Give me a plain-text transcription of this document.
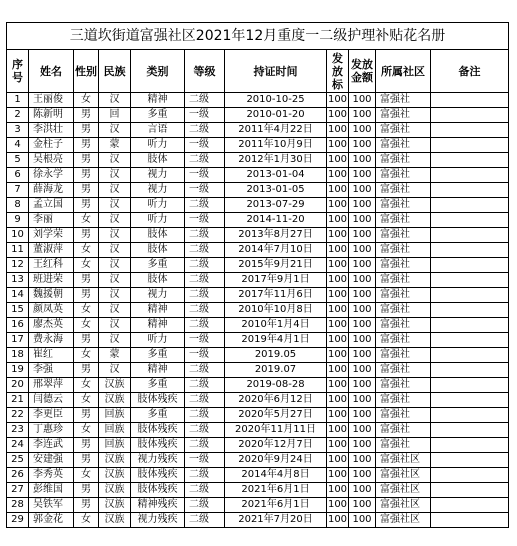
三道坎街道富强社区2021年12月重度一二级护理补贴花名册										
序号	姓名	性别	民族	类别	等级	持证时间	发放标	发放金额	所属社区	备注
1	王丽俊	女	汉	精神	二级	2010-10-25	100	100	富强社	
2	陈新明	男	回	多重	一级	2010-01-20	100	100	富强社	
3	李洪壮	男	汉	言语	二级	2011年4月22日	100	100	富强社	
4	金柱子	男	蒙	听力	一级	2011年10月9日	100	100	富强社	
5	吴根亮	男	汉	肢体	二级	2012年1月30日	100	100	富强社	
6	徐永学	男	汉	视力	一级	2013-01-04	100	100	富强社	
7	薛海龙	男	汉	视力	一级	2013-01-05	100	100	富强社	
8	孟立国	男	汉	听力	二级	2013-07-29	100	100	富强社	
9	李丽	女	汉	听力	一级	2014-11-20	100	100	富强社	
10	刘学荣	男	汉	肢体	二级	2013年8月27日	100	100	富强社	
11	董淑萍	女	汉	肢体	二级	2014年7月10日	100	100	富强社	
12	王红科	女	汉	多重	二级	2015年9月21日	100	100	富强社	
13	班进荣	男	汉	肢体	二级	2017年9月1日	100	100	富强社	
14	魏援朝	男	汉	视力	二级	2017年11月6日	100	100	富强社	
15	颜凤英	女	汉	精神	二级	2010年10月8日	100	100	富强社	
16	廖杰英	女	汉	精神	二级	2010年1月4日	100	100	富强社	
17	费永海	男	汉	听力	一级	2019年4月1日	100	100	富强社	
18	崔红	女	蒙	多重	一级	2019.05	100	100	富强社	
19	李强	男	汉	精神	二级	2019.07	100	100	富强社	
20	邢翠萍	女	汉族	多重	二级	2019-08-28	100	100	富强社	
21	闫德云	女	汉族	肢体残疾	二级	2020年6月12日	100	100	富强社	
22	李更臣	男	回族	多重	二级	2020年5月27日	100	100	富强社	
23	丁惠珍	女	回族	肢体残疾	二级	2020年11月11日	100	100	富强社	
24	李连武	男	回族	肢体残疾	二级	2020年12月7日	100	100	富强社	
25	安建强	男	汉族	视力残疾	一级	2020年9月24日	100	100	富强社区	
26	李秀英	女	汉族	肢体残疾	二级	2014年4月8日	100	100	富强社区	
27	彭维国	男	汉族	肢体残疾	二级	2021年6月1日	100	100	富强社区	
28	吴铁军	男	汉族	精神残疾	二级	2021年6月1日	100	100	富强社区	
29	郭金花	女	汉族	视力残疾	二级	2021年7月20日	100	100	富强社区	
